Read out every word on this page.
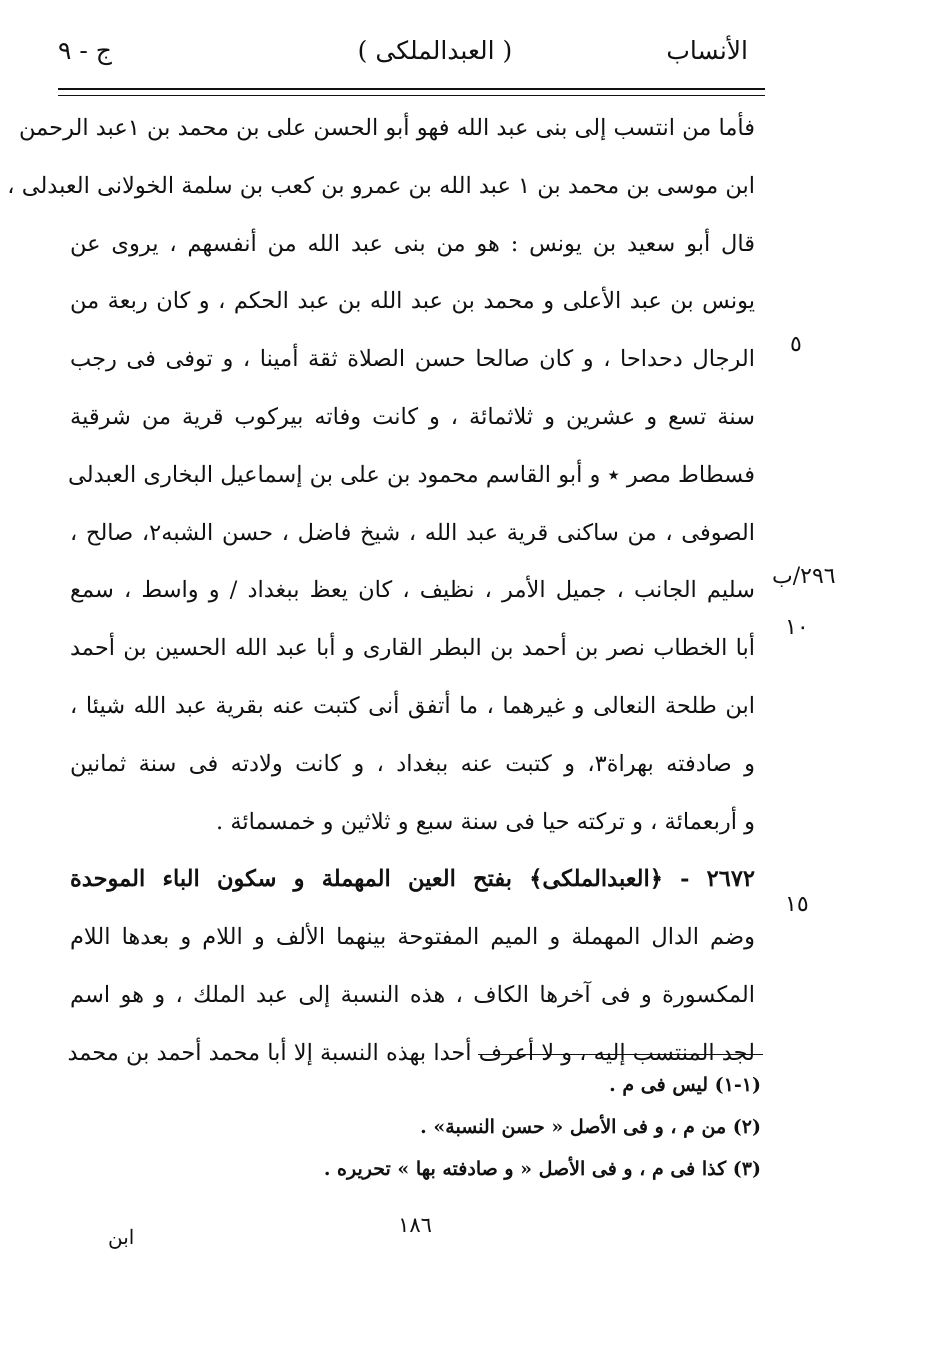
الأنساب
( العبدالملكى )
ج - ٩
فأما من انتسب إلى بنى عبد الله فهو أبو الحسن على بن محمد بن ١عبد الرحمن
ابن موسى بن محمد بن ١ عبد الله بن عمرو بن كعب بن سلمة الخولانى العبدلى ،
قال أبو سعيد بن يونس : هو من بنى عبد الله من أنفسهم ، يروى عن
يونس بن عبد الأعلى و محمد بن عبد الله بن عبد الحكم ، و كان ربعة من
الرجال دحداحا ، و كان صالحا حسن الصلاة ثقة أمينا ، و توفى فى رجب
سنة تسع و عشرين و ثلاثمائة ، و كانت وفاته بيركوب قرية من شرقية
فسطاط مصر ٭ و أبو القاسم محمود بن على بن إسماعيل البخارى العبدلى
الصوفى ، من ساكنى قرية عبد الله ، شيخ فاضل ، حسن الشبه٢، صالح ،
سليم الجانب ، جميل الأمر ، نظيف ، كان يعظ ببغداد / و واسط ، سمع
أبا الخطاب نصر بن أحمد بن البطر القارى و أبا عبد الله الحسين بن أحمد
ابن طلحة النعالى و غيرهما ، ما أتفق أنى كتبت عنه بقرية عبد الله شيئا ،
و صادفته بهراة٣، و كتبت عنه ببغداد ، و كانت ولادته فى سنة ثمانين
و أربعمائة ، و تركته حيا فى سنة سبع و ثلاثين و خمسمائة .
٢٦٧٢ - ﴿العبدالملكى﴾ بفتح العين المهملة و سكون الباء الموحدة
وضم الدال المهملة و الميم المفتوحة بينهما الألف و اللام و بعدها اللام
المكسورة و فى آخرها الكاف ، هذه النسبة إلى عبد الملك ، و هو اسم
لجد المنتسب إليه ، و لا أعرف أحدا بهذه النسبة إلا أبا محمد أحمد بن محمد
٥
٢٩٦/ب
١٠
١٥
(١-١) ليس فى م .
(٢) من م ، و فى الأصل « حسن النسبة» .
(٣) كذا فى م ، و فى الأصل « و صادفته بها » تحريره .
١٨٦
ابن
